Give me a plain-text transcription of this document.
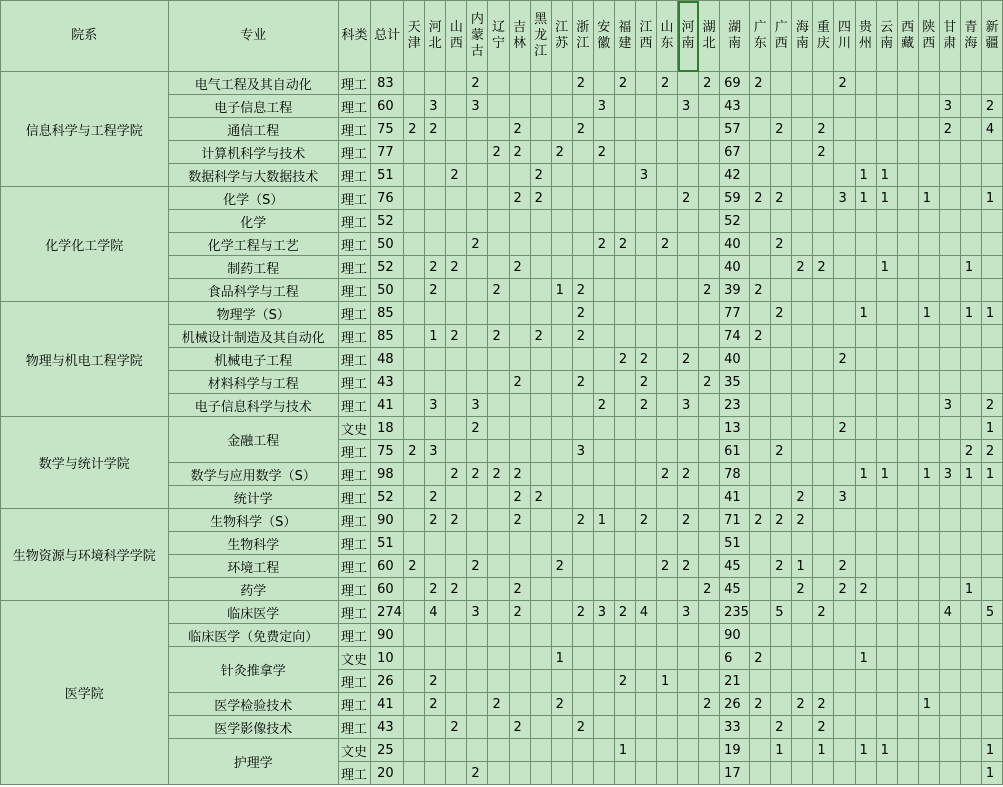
院系	专业	科类	总计	天津	河北	山西	内蒙古	辽宁	吉林	黑龙江	江苏	浙江	安徽	福建	江西	山东	河南	湖北	湖南	广东	广西	海南	重庆	四川	贵州	云南	西藏	陕西	甘肃	青海	新疆
信息科学与工程学院	电气工程及其自动化	理工	83				2					2		2		2		2	69	2				2							
	电子信息工程	理工	60		3		3						3				3		43										3		2
	通信工程	理工	75	2	2				2			2							57		2		2						2		4
	计算机科学与技术	理工	77					2	2		2		2						67				2								
	数据科学与大数据技术	理工	51			2				2					3				42						1	1					
化学化工学院	化学（S）	理工	76						2	2							2		59	2	2			3	1	1		1			1
	化学	理工	52																52												
	化学工程与工艺	理工	50				2						2	2		2			40		2										
	制药工程	理工	52		2	2			2										40			2	2			1				1	
	食品科学与工程	理工	50		2			2			1	2						2	39	2											
物理与机电工程学院	物理学（S）	理工	85									2							77		2				1			1		1	1
	机械设计制造及其自动化	理工	85		1	2		2		2		2							74	2											
	机械电子工程	理工	48											2	2		2		40					2							
	材料科学与工程	理工	43						2			2			2			2	35												
	电子信息科学与技术	理工	41		3		3						2		2		3		23										3		2
数学与统计学院	金融工程	文史	18				2												13					2							1
		理工	75	2	3							3							61		2									2	2
	数学与应用数学（S）	理工	98			2	2	2	2							2	2		78						1	1		1	3	1	1
	统计学	理工	52		2				2	2									41			2		3							
生物资源与环境科学学院	生物科学（S）	理工	90		2	2			2			2	1		2		2		71	2	2	2									
	生物科学	理工	51																51												
	环境工程	理工	60	2			2				2					2	2		45		2	1		2							
	药学	理工	60		2	2			2									2	45			2		2	2					1	
医学院	临床医学	理工	274		4		3		2			2	3	2	4		3		235		5		2						4		5
	临床医学（免费定向）	理工	90																90												
	针灸推拿学	文史	10								1								6	2					1						
		理工	26		2									2		1			21												
	医学检验技术	理工	41		2			2			2							2	26	2		2	2					1			
	医学影像技术	理工	43			2			2			2							33		2		2								
	护理学	文史	25											1					19		1		1		1	1					1
		理工	20				2												17												1
